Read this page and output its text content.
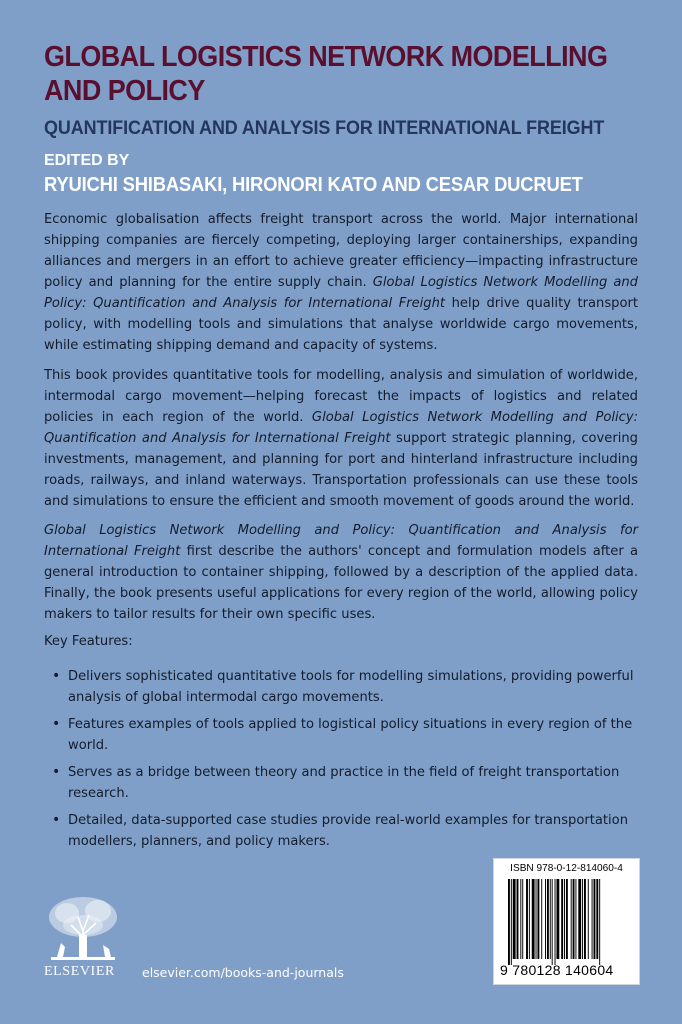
GLOBAL LOGISTICS NETWORK MODELLING AND POLICY
QUANTIFICATION AND ANALYSIS FOR INTERNATIONAL FREIGHT
EDITED BY
RYUICHI SHIBASAKI, HIRONORI KATO AND CESAR DUCRUET

Economic globalisation affects freight transport across the world. Major international shipping companies are fiercely competing, deploying larger containerships, expanding alliances and mergers in an effort to achieve greater efficiency—impacting infrastructure policy and planning for the entire supply chain. Global Logistics Network Modelling and Policy: Quantification and Analysis for International Freight help drive quality transport policy, with modelling tools and simulations that analyse worldwide cargo movements, while estimating shipping demand and capacity of systems.

This book provides quantitative tools for modelling, analysis and simulation of worldwide, intermodal cargo movement—helping forecast the impacts of logistics and related policies in each region of the world. Global Logistics Network Modelling and Policy: Quantification and Analysis for International Freight support strategic planning, covering investments, management, and planning for port and hinterland infrastructure including roads, railways, and inland waterways. Transportation professionals can use these tools and simulations to ensure the efficient and smooth movement of goods around the world.

Global Logistics Network Modelling and Policy: Quantification and Analysis for International Freight first describe the authors' concept and formulation models after a general introduction to container shipping, followed by a description of the applied data. Finally, the book presents useful applications for every region of the world, allowing policy makers to tailor results for their own specific uses.

Key Features:
• Delivers sophisticated quantitative tools for modelling simulations, providing powerful analysis of global intermodal cargo movements.
• Features examples of tools applied to logistical policy situations in every region of the world.
• Serves as a bridge between theory and practice in the field of freight transportation research.
• Detailed, data-supported case studies provide real-world examples for transportation modellers, planners, and policy makers.
ELSEVIER elsevier.com/books-and-journals
ISBN 978-0-12-814060-4
9 780128 140604
